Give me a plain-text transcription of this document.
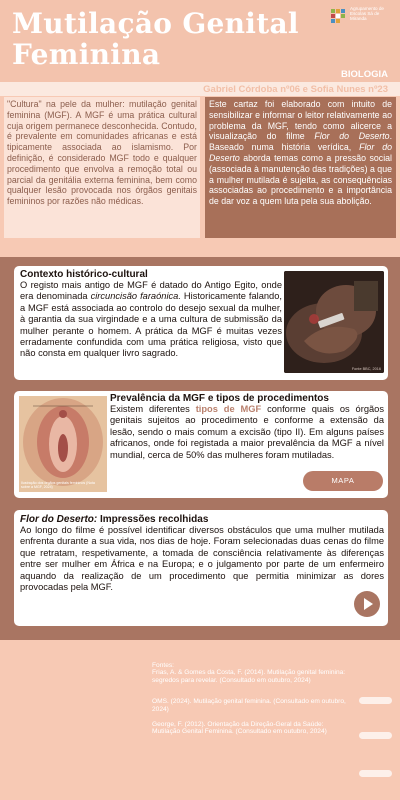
Mutilação Genital Feminina
Agrupamento de Escolas Sá de Miranda
BIOLOGIA
Gabriel Córdoba nº06 e Sofia Nunes nº23
"Cultura" na pele da mulher: mutilação genital feminina (MGF). A MGF é uma prática cultural cuja origem permanece desconhecida. Contudo, é prevalente em comunidades africanas e está tipicamente associada ao islamismo. Por definição, é considerado MGF todo e qualquer procedimento que envolva a remoção total ou parcial da genitália externa feminina, bem como qualquer lesão provocada nos órgãos genitais femininos por razões não médicas.
Este cartaz foi elaborado com intuito de sensibilizar e informar o leitor relativamente ao problema da MGF, tendo como alicerce a visualização do filme Flor do Deserto. Baseado numa história verídica, Flor do Deserto aborda temas como a pressão social (associada à manutenção das tradições) a que a mulher mutilada é sujeita, as consequências associadas ao procedimento e a importância de dar voz a quem luta pela sua abolição.
Contexto histórico-cultural
O registo mais antigo de MGF é datado do Antigo Egito, onde era denominada circuncisão faraónica. Historicamente falando, a MGF está associada ao controlo do desejo sexual da mulher, à garantia da sua virgindade e a uma cultura de submissão da mulher perante o homem. A prática da MGF é muitas vezes erradamente confundida com uma prática religiosa, visto que não consta em qualquer livro sagrado.
Fonte BBC, 2016
Ilustração dos órgãos genitais femininos (Nota sobre a MGF, 2024)
Prevalência da MGF e tipos de procedimentos
Existem diferentes tipos de MGF conforme quais os órgãos genitais sujeitos ao procedimento e conforme a extensão da lesão, sendo o mais comum a excisão (tipo II). Em alguns países africanos, onde foi registada a maior prevalência da MGF a nível mundial, cerca de 50% das mulheres foram mutiladas.
MAPA
Flor do Deserto: Impressões recolhidas
Ao longo do filme é possível identificar diversos obstáculos que uma mulher mutilada enfrenta durante a sua vida, nos dias de hoje. Foram selecionadas duas cenas do filme que retratam, respetivamente, a tomada de consciência relativamente às diferenças entre ser mulher em África e na Europa; e o julgamento por parte de um enfermeiro aquando da realização de um procedimento que permitia minimizar as dores provocadas pela MGF.
Fontes:
Frias, A. & Gomes da Costa, F. (2014). Mutilação genital feminina: segredos para revelar. (Consultado em outubro, 2024)
OMS. (2024). Mutilação genital feminina. (Consultado em outubro, 2024)
George, F. (2012). Orientação da Direção-Geral da Saúde: Mutilação Genital Feminina. (Consultado em outubro, 2024)
